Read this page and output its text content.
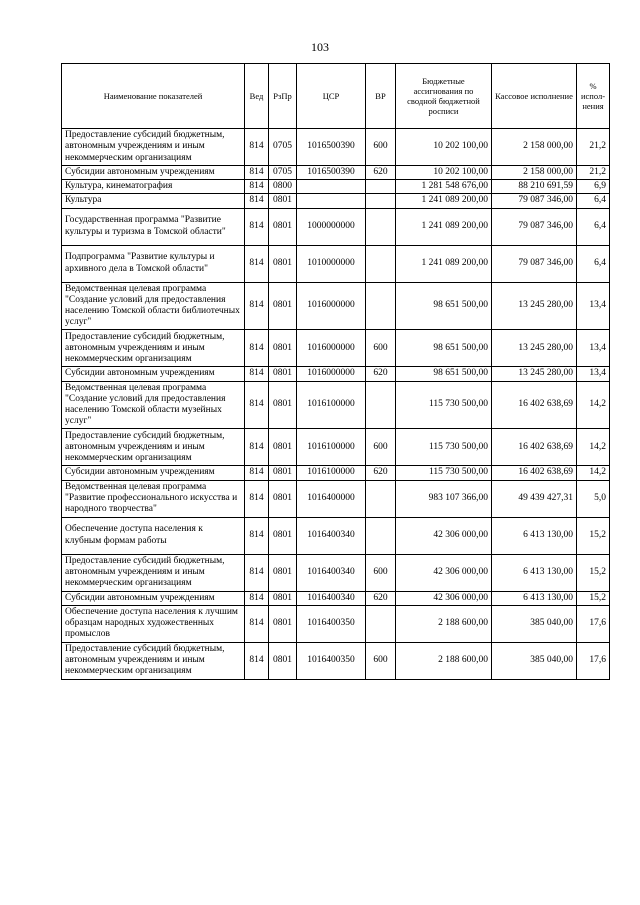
103
Наименование показателей	Вед	РзПр	ЦСР	ВР	Бюджетные ассигнования по сводной бюджетной росписи	Кассовое исполнение	% испол-нения
Предоставление субсидий бюджетным, автономным учреждениям и иным некоммерческим организациям	814	0705	1016500390	600	10 202 100,00	2 158 000,00	21,2
Субсидии автономным учреждениям	814	0705	1016500390	620	10 202 100,00	2 158 000,00	21,2
Культура, кинематография	814	0800			1 281 548 676,00	88 210 691,59	6,9
Культура	814	0801			1 241 089 200,00	79 087 346,00	6,4
Государственная программа "Развитие культуры и туризма в Томской области"	814	0801	1000000000		1 241 089 200,00	79 087 346,00	6,4
Подпрограмма "Развитие культуры и архивного дела в Томской области"	814	0801	1010000000		1 241 089 200,00	79 087 346,00	6,4
Ведомственная целевая программа "Создание условий для предоставления населению Томской области библиотечных услуг"	814	0801	1016000000		98 651 500,00	13 245 280,00	13,4
Предоставление субсидий бюджетным, автономным учреждениям и иным некоммерческим организациям	814	0801	1016000000	600	98 651 500,00	13 245 280,00	13,4
Субсидии автономным учреждениям	814	0801	1016000000	620	98 651 500,00	13 245 280,00	13,4
Ведомственная целевая программа "Создание условий для предоставления населению Томской области музейных услуг"	814	0801	1016100000		115 730 500,00	16 402 638,69	14,2
Предоставление субсидий бюджетным, автономным учреждениям и иным некоммерческим организациям	814	0801	1016100000	600	115 730 500,00	16 402 638,69	14,2
Субсидии автономным учреждениям	814	0801	1016100000	620	115 730 500,00	16 402 638,69	14,2
Ведомственная целевая программа "Развитие профессионального искусства и народного творчества"	814	0801	1016400000		983 107 366,00	49 439 427,31	5,0
Обеспечение доступа населения к клубным формам работы	814	0801	1016400340		42 306 000,00	6 413 130,00	15,2
Предоставление субсидий бюджетным, автономным учреждениям и иным некоммерческим организациям	814	0801	1016400340	600	42 306 000,00	6 413 130,00	15,2
Субсидии автономным учреждениям	814	0801	1016400340	620	42 306 000,00	6 413 130,00	15,2
Обеспечение доступа населения к лучшим образцам народных художественных промыслов	814	0801	1016400350		2 188 600,00	385 040,00	17,6
Предоставление субсидий бюджетным, автономным учреждениям и иным некоммерческим организациям	814	0801	1016400350	600	2 188 600,00	385 040,00	17,6
